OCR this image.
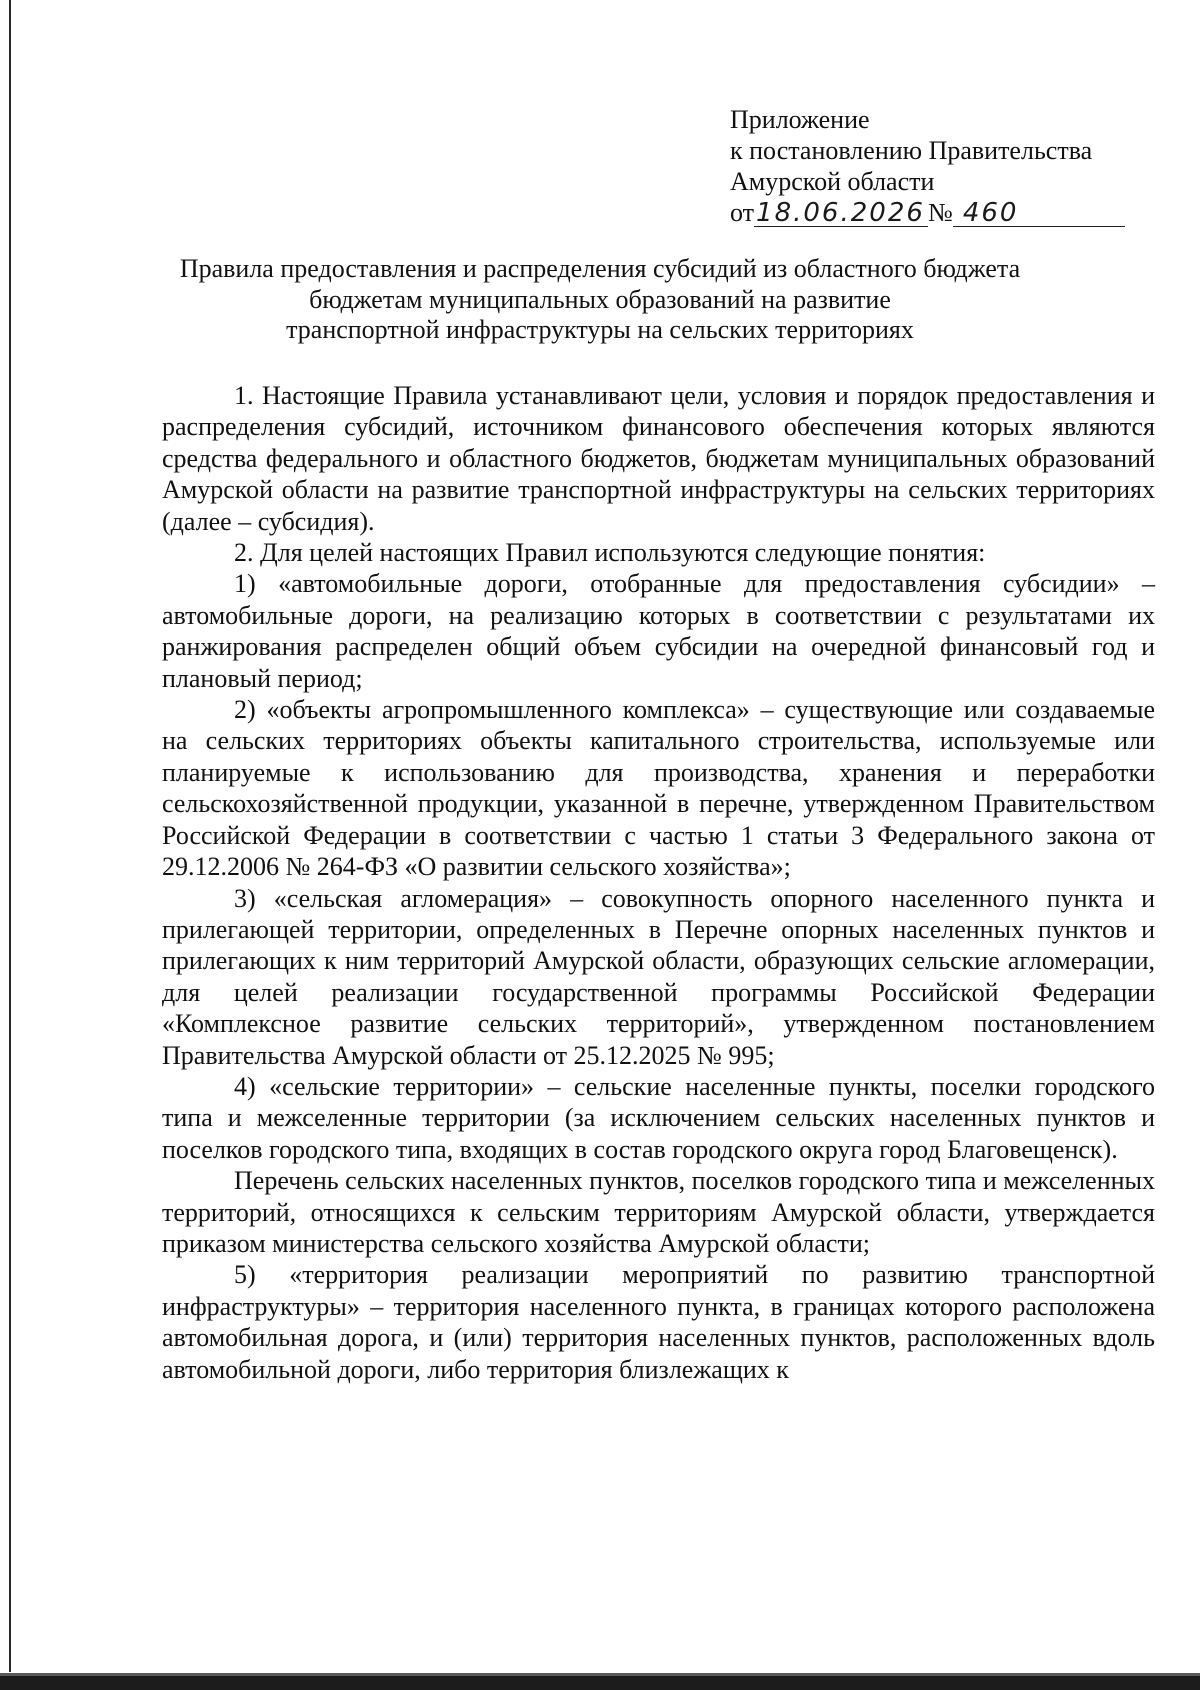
Приложение
к постановлению Правительства
Амурской области
от18.06.2026 № 460
Правила предоставления и распределения субсидий из областного бюджета
бюджетам муниципальных образований на развитие
транспортной инфраструктуры на сельских территориях

1. Настоящие Правила устанавливают цели, условия и порядок предоставления и распределения субсидий, источником финансового обеспечения которых являются средства федерального и областного бюджетов, бюджетам муниципальных образований Амурской области на развитие транспортной инфраструктуры на сельских территориях (далее – субсидия).

2. Для целей настоящих Правил используются следующие понятия:

1) «автомобильные дороги, отобранные для предоставления субсидии» – автомобильные дороги, на реализацию которых в соответствии с результатами их ранжирования распределен общий объем субсидии на очередной финансовый год и плановый период;

2) «объекты агропромышленного комплекса» – существующие или создаваемые на сельских территориях объекты капитального строительства, используемые или планируемые к использованию для производства, хранения и переработки сельскохозяйственной продукции, указанной в перечне, утвержденном Правительством Российской Федерации в соответствии с частью 1 статьи 3 Федерального закона от 29.12.2006 № 264-ФЗ «О развитии сельского хозяйства»;

3) «сельская агломерация» – совокупность опорного населенного пункта и прилегающей территории, определенных в Перечне опорных населенных пунктов и прилегающих к ним территорий Амурской области, образующих сельские агломерации, для целей реализации государственной программы Российской Федерации «Комплексное развитие сельских территорий», утвержденном постановлением Правительства Амурской области от 25.12.2025 № 995;

4) «сельские территории» – сельские населенные пункты, поселки городского типа и межселенные территории (за исключением сельских населенных пунктов и поселков городского типа, входящих в состав городского округа город Благовещенск).

Перечень сельских населенных пунктов, поселков городского типа и межселенных территорий, относящихся к сельским территориям Амурской области, утверждается приказом министерства сельского хозяйства Амурской области;

5) «территория реализации мероприятий по развитию транспортной инфраструктуры» – территория населенного пункта, в границах которого расположена автомобильная дорога, и (или) территория населенных пунктов, расположенных вдоль автомобильной дороги, либо территория близлежащих к
